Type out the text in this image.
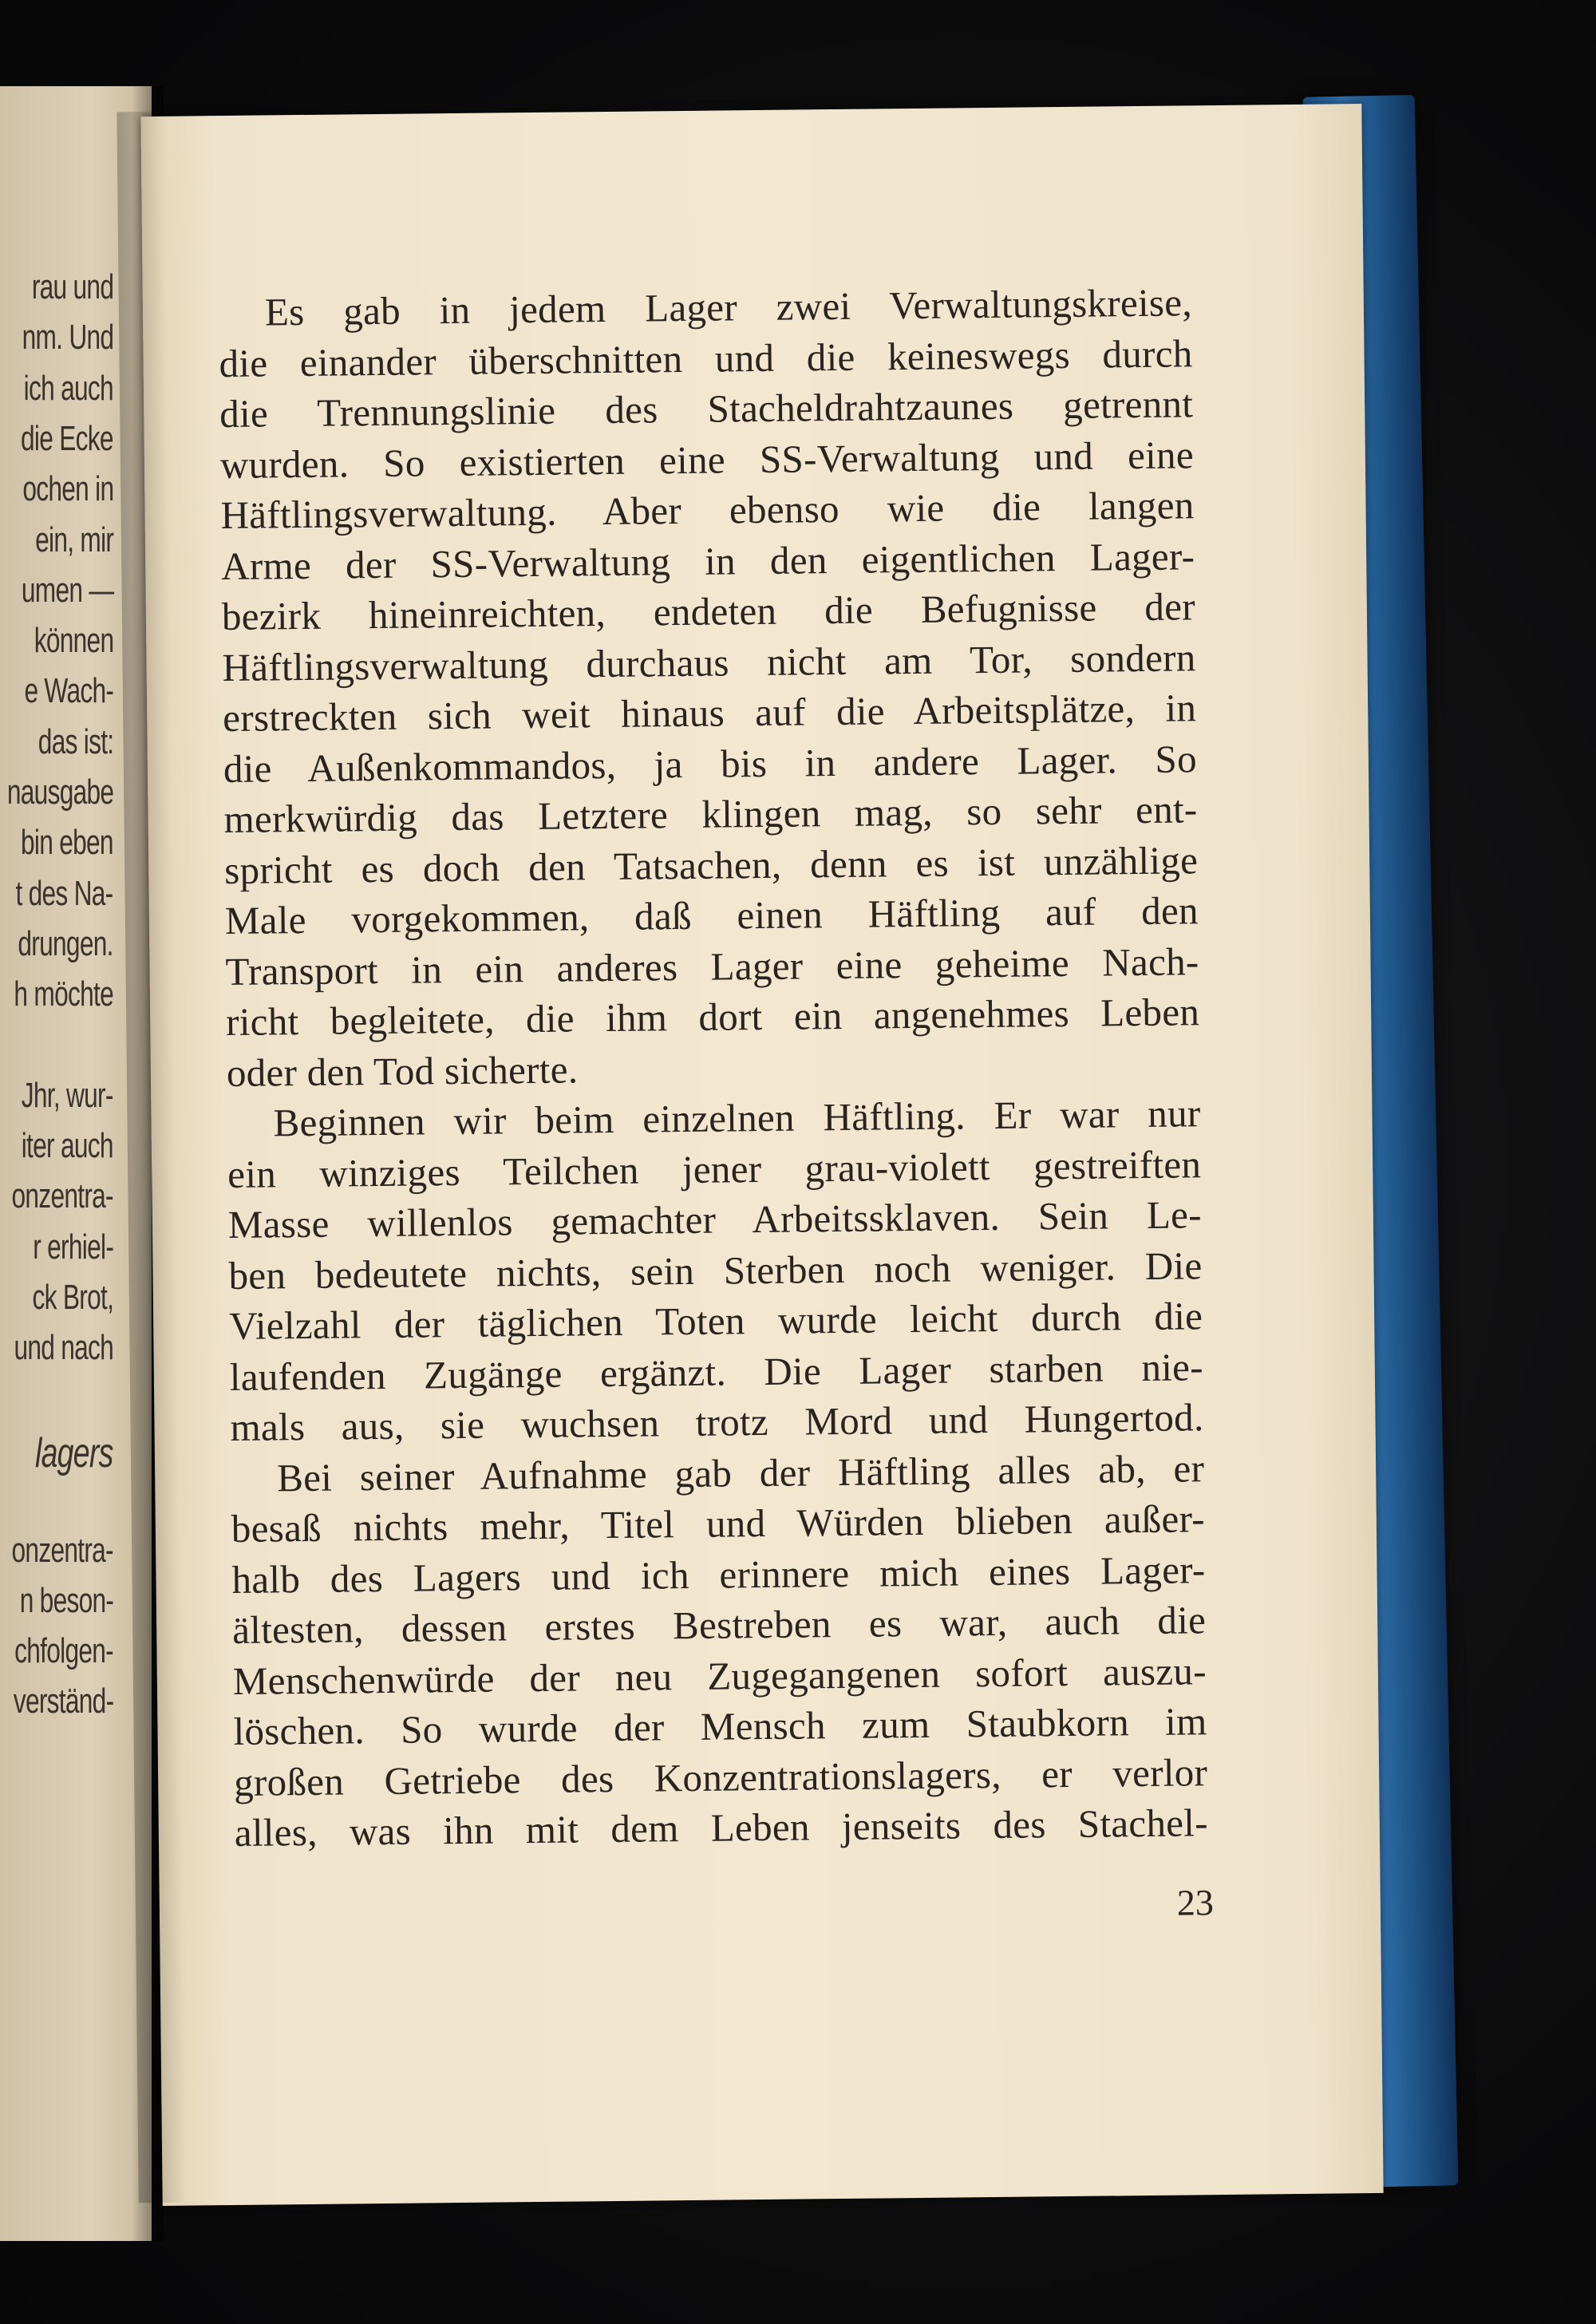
rau und
nm. Und
ich auch
die Ecke
ochen in
ein, mir
umen —
können
e Wach-
das ist:
nausgabe
bin eben
t des Na-
drungen.
h möchte
Jhr, wur-
iter auch
onzentra-
r erhiel-
ck Brot,
und nach
lagers
onzentra-
n beson-
chfolgen-
verständ-
Es gab in jedem Lager zwei Verwaltungskreise,
die einander überschnitten und die keineswegs durch
die Trennungslinie des Stacheldrahtzaunes getrennt
wurden. So existierten eine SS-Verwaltung und eine
Häftlingsverwaltung. Aber ebenso wie die langen
Arme der SS-Verwaltung in den eigentlichen Lager-
bezirk hineinreichten, endeten die Befugnisse der
Häftlingsverwaltung durchaus nicht am Tor, sondern
erstreckten sich weit hinaus auf die Arbeitsplätze, in
die Außenkommandos, ja bis in andere Lager. So
merkwürdig das Letztere klingen mag, so sehr ent-
spricht es doch den Tatsachen, denn es ist unzählige
Male vorgekommen, daß einen Häftling auf den
Transport in ein anderes Lager eine geheime Nach-
richt begleitete, die ihm dort ein angenehmes Leben
oder den Tod sicherte.
Beginnen wir beim einzelnen Häftling. Er war nur
ein winziges Teilchen jener grau-violett gestreiften
Masse willenlos gemachter Arbeitssklaven. Sein Le-
ben bedeutete nichts, sein Sterben noch weniger. Die
Vielzahl der täglichen Toten wurde leicht durch die
laufenden Zugänge ergänzt. Die Lager starben nie-
mals aus, sie wuchsen trotz Mord und Hungertod.
Bei seiner Aufnahme gab der Häftling alles ab, er
besaß nichts mehr, Titel und Würden blieben außer-
halb des Lagers und ich erinnere mich eines Lager-
ältesten, dessen erstes Bestreben es war, auch die
Menschenwürde der neu Zugegangenen sofort auszu-
löschen. So wurde der Mensch zum Staubkorn im
großen Getriebe des Konzentrationslagers, er verlor
alles, was ihn mit dem Leben jenseits des Stachel-
23
